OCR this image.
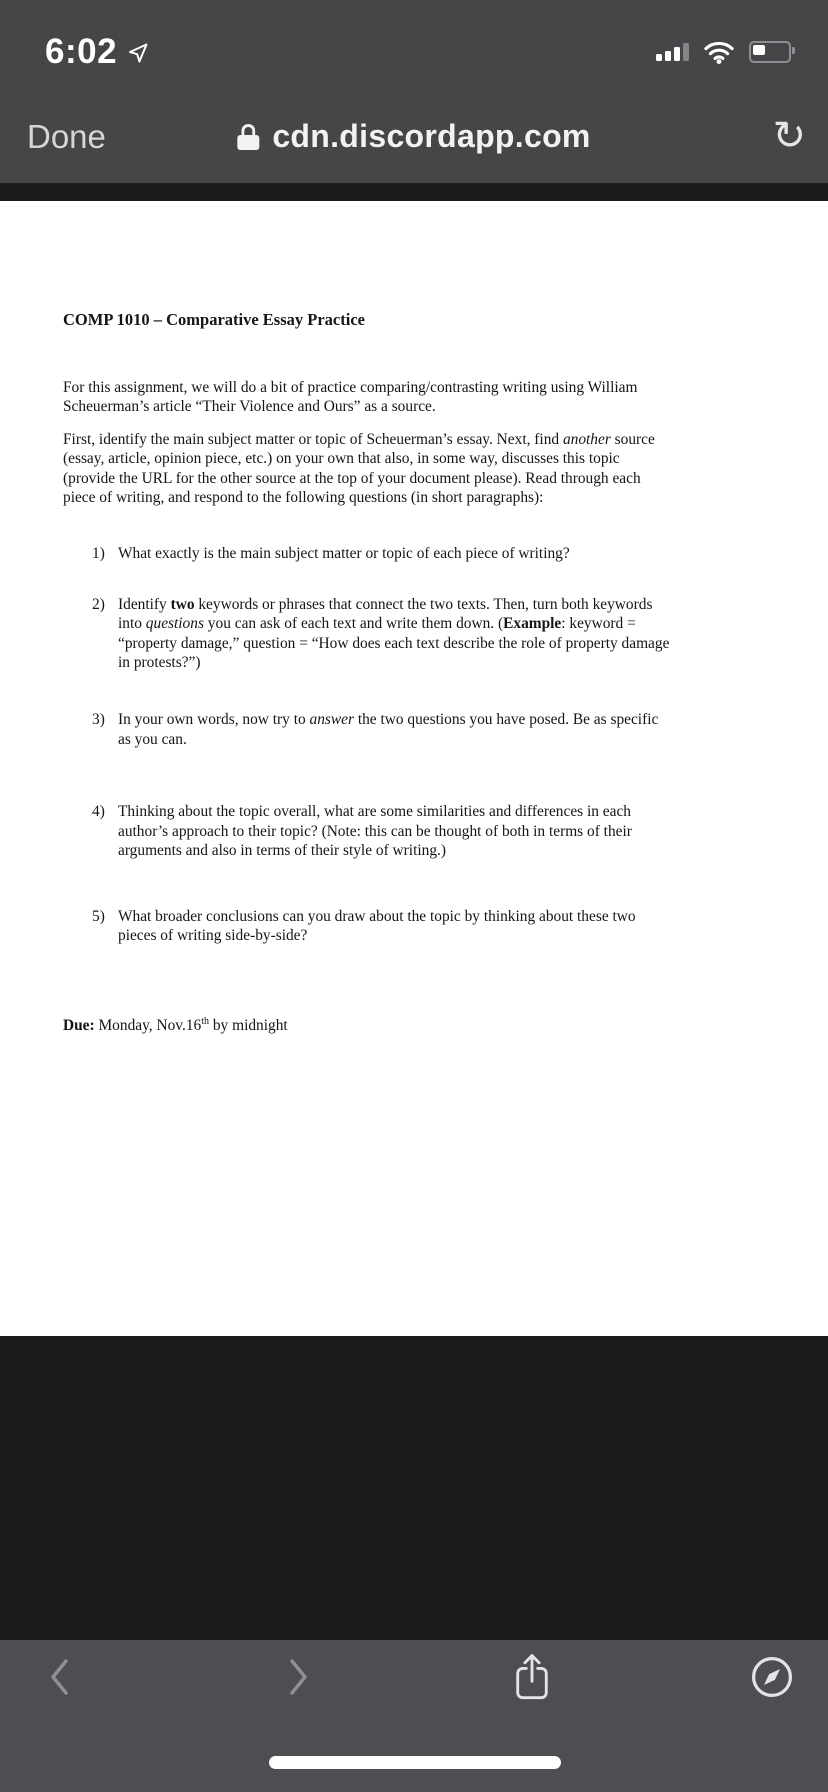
6:02
Done	cdn.discordapp.com	↻
COMP 1010 – Comparative Essay Practice

For this assignment, we will do a bit of practice comparing/contrasting writing using William
Scheuerman’s article “Their Violence and Ours” as a source.

First, identify the main subject matter or topic of Scheuerman’s essay. Next, find another source
(essay, article, opinion piece, etc.) on your own that also, in some way, discusses this topic
(provide the URL for the other source at the top of your document please). Read through each
piece of writing, and respond to the following questions (in short paragraphs):

1) What exactly is the main subject matter or topic of each piece of writing?
2) Identify two keywords or phrases that connect the two texts. Then, turn both keywords
into questions you can ask of each text and write them down. (Example: keyword =
“property damage,” question = “How does each text describe the role of property damage
in protests?”)
3) In your own words, now try to answer the two questions you have posed. Be as specific
as you can.
4) Thinking about the topic overall, what are some similarities and differences in each
author’s approach to their topic? (Note: this can be thought of both in terms of their
arguments and also in terms of their style of writing.)
5) What broader conclusions can you draw about the topic by thinking about these two
pieces of writing side-by-side?

Due: Monday, Nov.16th by midnight
